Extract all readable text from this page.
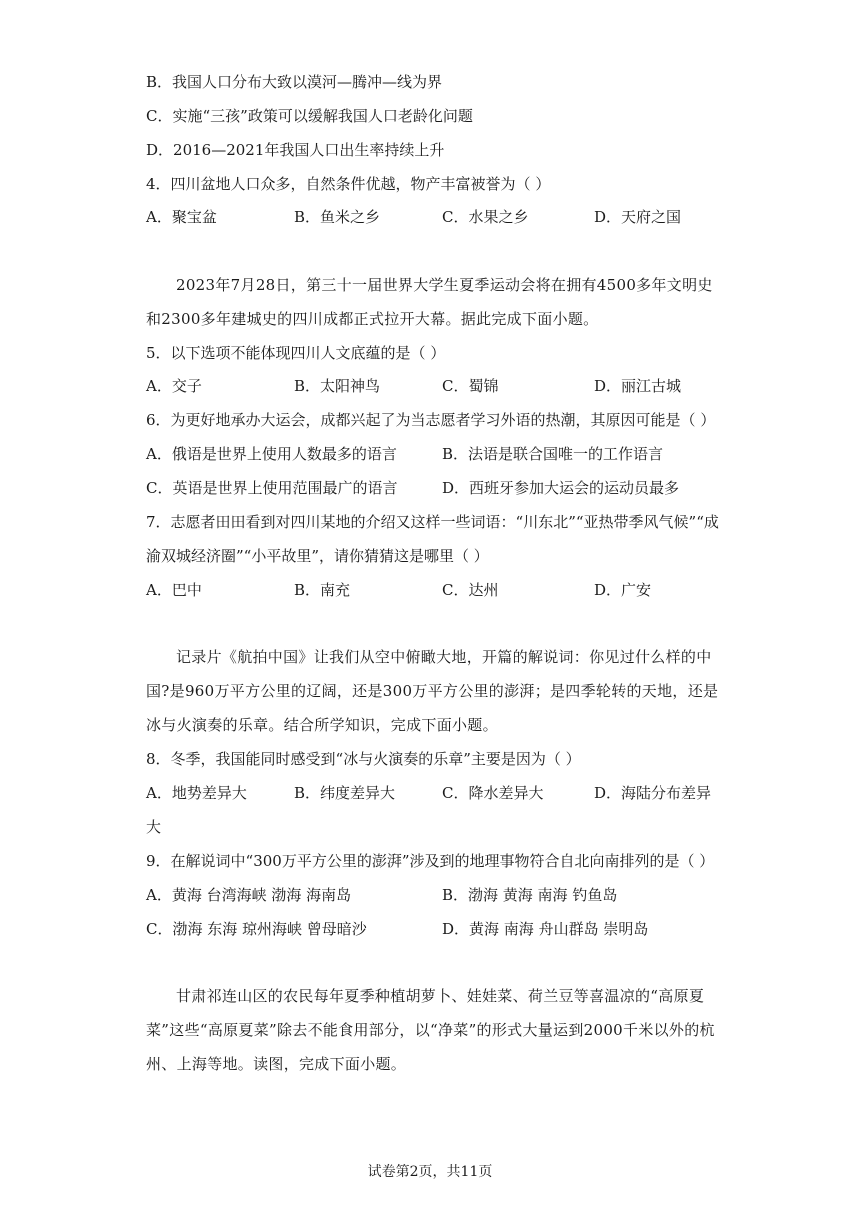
B．我国人口分布大致以漠河—腾冲—线为界
C．实施“三孩”政策可以缓解我国人口老龄化问题
D．2016—2021年我国人口出生率持续上升
4．四川盆地人口众多，自然条件优越，物产丰富被誉为（ ）
A．聚宝盆	B．鱼米之乡	C．水果之乡	D．天府之国
2023年7月28日，第三十一届世界大学生夏季运动会将在拥有4500多年文明史和2300多年建城史的四川成都正式拉开大幕。据此完成下面小题。
5．以下选项不能体现四川人文底蕴的是（ ）
A．交子	B．太阳神鸟	C．蜀锦	D．丽江古城
6．为更好地承办大运会，成都兴起了为当志愿者学习外语的热潮，其原因可能是（ ）
A．俄语是世界上使用人数最多的语言	B．法语是联合国唯一的工作语言
C．英语是世界上使用范围最广的语言	D．西班牙参加大运会的运动员最多
7．志愿者田田看到对四川某地的介绍又这样一些词语：“川东北”“亚热带季风气候”“成
渝双城经济圈”“小平故里”，请你猜猜这是哪里（ ）
A．巴中	B．南充	C．达州	D．广安
记录片《航拍中国》让我们从空中俯瞰大地，开篇的解说词：你见过什么样的中国?是960万平方公里的辽阔，还是300万平方公里的澎湃；是四季轮转的天地，还是冰与火演奏的乐章。结合所学知识，完成下面小题。
8．冬季，我国能同时感受到“冰与火演奏的乐章”主要是因为（ ）
A．地势差异大	B．纬度差异大	C．降水差异大	D．海陆分布差异
大
9．在解说词中“300万平方公里的澎湃”涉及到的地理事物符合自北向南排列的是（ ）
A．黄海 台湾海峡 渤海 海南岛	B．渤海 黄海 南海 钓鱼岛
C．渤海 东海 琼州海峡 曾母暗沙	D．黄海 南海 舟山群岛 崇明岛
甘肃祁连山区的农民每年夏季种植胡萝卜、娃娃菜、荷兰豆等喜温凉的“高原夏菜”这些“高原夏菜”除去不能食用部分，以“净菜”的形式大量运到2000千米以外的杭州、上海等地。读图，完成下面小题。
试卷第2页，共11页
